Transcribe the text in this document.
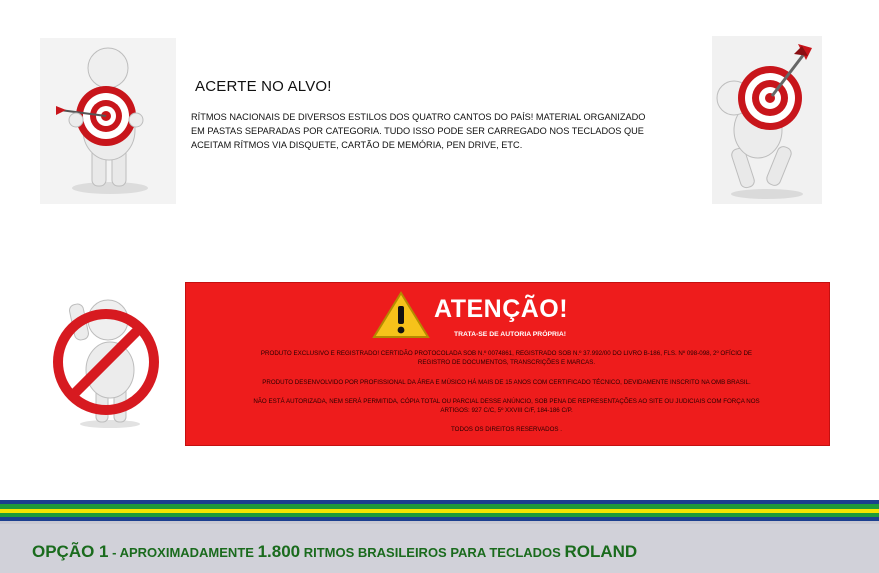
ACERTE NO ALVO!
RÍTMOS NACIONAIS DE DIVERSOS ESTILOS DOS QUATRO CANTOS DO PAÍS! MATERIAL ORGANIZADO
EM PASTAS SEPARADAS POR CATEGORIA. TUDO ISSO PODE SER CARREGADO NOS TECLADOS QUE
ACEITAM RÍTMOS VIA DISQUETE, CARTÃO DE MEMÓRIA, PEN DRIVE, ETC.
ATENÇÃO!
TRATA-SE DE AUTORIA PRÓPRIA!
PRODUTO EXCLUSIVO E REGISTRADO! CERTIDÃO PROTOCOLADA SOB N.º 0074861, REGISTRADO SOB N.º 37.992/00 DO LIVRO B-186, FLS. Nº 098-098, 2º OFÍCIO DE
REGISTRO DE DOCUMENTOS, TRANSCRIÇÕES E MARCAS.
PRODUTO DESENVOLVIDO POR PROFISSIONAL DA ÁREA E MÚSICO HÁ MAIS DE 15 ANOS COM CERTIFICADO TÉCNICO, DEVIDAMENTE INSCRITO NA OMB BRASIL.
NÃO ESTÁ AUTORIZADA, NEM SERÁ PERMITIDA, CÓPIA TOTAL OU PARCIAL DESSE ANÚNCIO, SOB PENA DE REPRESENTAÇÕES AO SITE OU JUDICIAIS COM FORÇA NOS
ARTIGOS: 927 C/C, 5º XXVIII C/F, 184-186 C/P.
TODOS OS DIREITOS RESERVADOS .
OPÇÃO 1 - APROXIMADAMENTE 1.800 RITMOS BRASILEIROS PARA TECLADOS ROLAND
